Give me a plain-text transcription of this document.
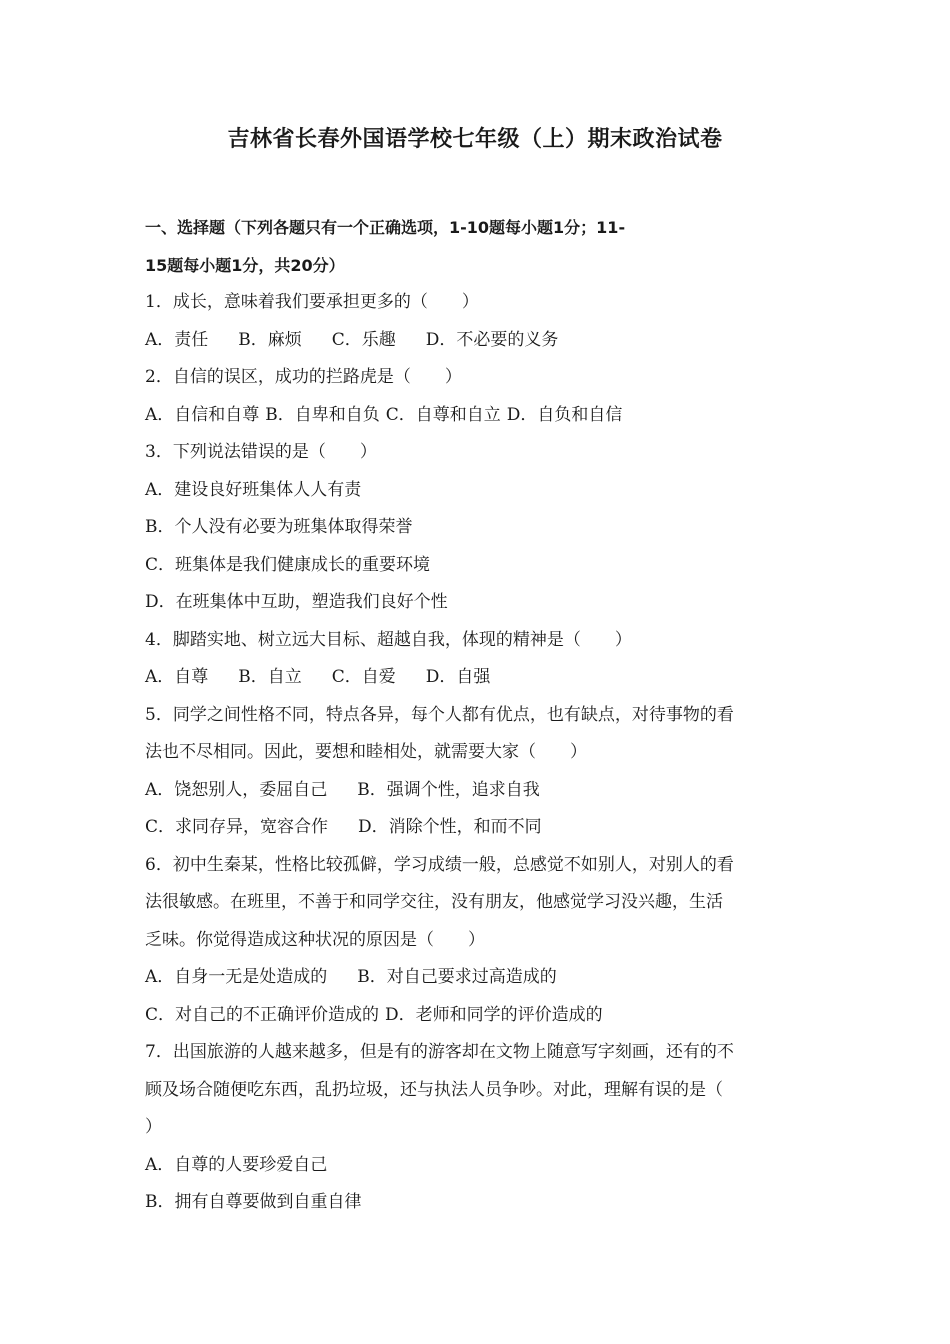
吉林省长春外国语学校七年级（上）期末政治试卷

一、选择题（下列各题只有一个正确选项，1-10题每小题1分；11-

15题每小题1分，共20分）

1．成长，意味着我们要承担更多的（　　）

A．责任 B．麻烦 C．乐趣 D．不必要的义务

2．自信的误区，成功的拦路虎是（　　）

A．自信和自尊 B．自卑和自负 C．自尊和自立 D．自负和自信

3．下列说法错误的是（　　）

A．建设良好班集体人人有责

B．个人没有必要为班集体取得荣誉

C．班集体是我们健康成长的重要环境

D．在班集体中互助，塑造我们良好个性

4．脚踏实地、树立远大目标、超越自我，体现的精神是（　　）

A．自尊 B．自立 C．自爱 D．自强

5．同学之间性格不同，特点各异，每个人都有优点，也有缺点，对待事物的看

法也不尽相同。因此，要想和睦相处，就需要大家（　　）

A．饶恕别人，委屈自己 B．强调个性，追求自我

C．求同存异，宽容合作 D．消除个性，和而不同

6．初中生秦某，性格比较孤僻，学习成绩一般，总感觉不如别人，对别人的看

法很敏感。在班里，不善于和同学交往，没有朋友，他感觉学习没兴趣，生活

乏味。你觉得造成这种状况的原因是（　　）

A．自身一无是处造成的 B．对自己要求过高造成的

C．对自己的不正确评价造成的 D．老师和同学的评价造成的

7．出国旅游的人越来越多，但是有的游客却在文物上随意写字刻画，还有的不

顾及场合随便吃东西，乱扔垃圾，还与执法人员争吵。对此，理解有误的是（

）

A．自尊的人要珍爱自己

B．拥有自尊要做到自重自律
